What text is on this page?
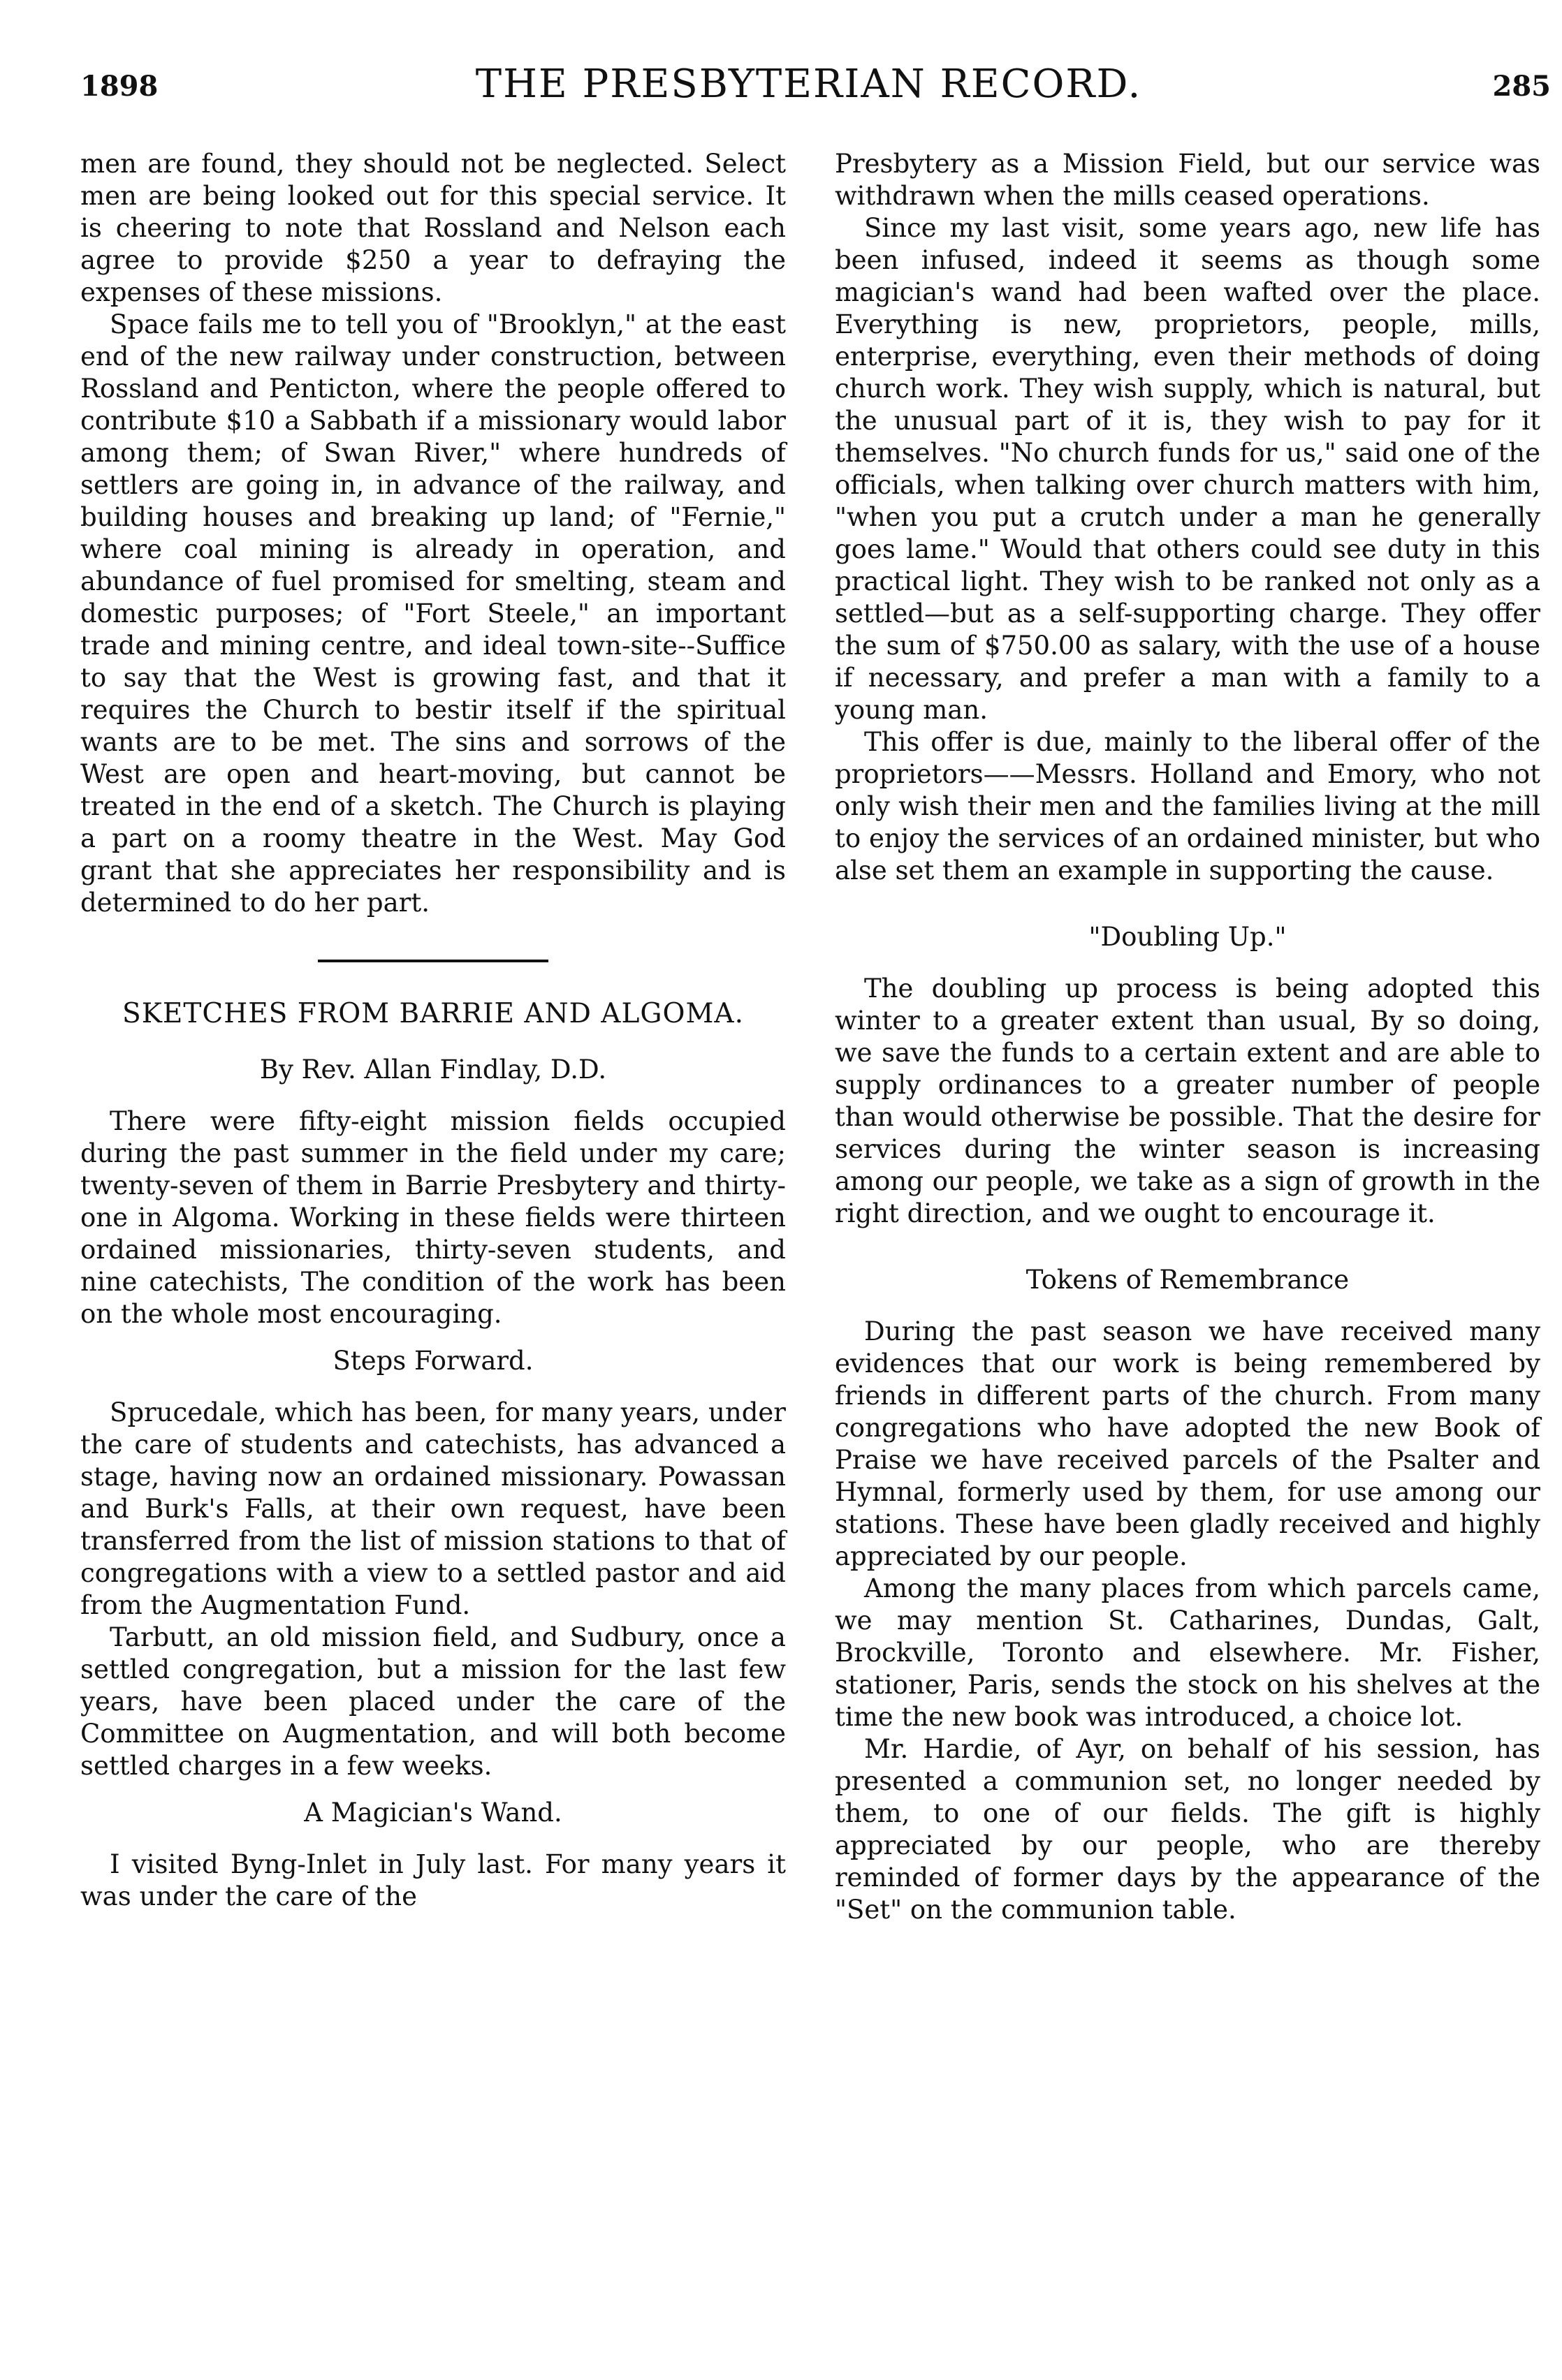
1898	THE PRESBYTERIAN RECORD.	285

men are found, they should not be neglected. Select men are being looked out for this special service. It is cheering to note that Rossland and Nelson each agree to provide $250 a year to defraying the expenses of these missions.

Space fails me to tell you of "Brooklyn," at the east end of the new railway under construction, between Rossland and Penticton, where the people offered to contribute $10 a Sabbath if a missionary would labor among them; of Swan River," where hundreds of settlers are going in, in advance of the railway, and building houses and breaking up land; of "Fernie," where coal mining is already in operation, and abundance of fuel promised for smelting, steam and domestic purposes; of "Fort Steele," an important trade and mining centre, and ideal town-site--Suffice to say that the West is growing fast, and that it requires the Church to bestir itself if the spiritual wants are to be met. The sins and sorrows of the West are open and heart-moving, but cannot be treated in the end of a sketch. The Church is playing a part on a roomy theatre in the West. May God grant that she appreciates her responsibility and is determined to do her part.

SKETCHES FROM BARRIE AND ALGOMA.
By Rev. Allan Findlay, D.D.

There were fifty-eight mission fields occupied during the past summer in the field under my care; twenty-seven of them in Barrie Presbytery and thirty-one in Algoma. Working in these fields were thirteen ordained missionaries, thirty-seven students, and nine catechists, The condition of the work has been on the whole most encouraging.

Steps Forward.

Sprucedale, which has been, for many years, under the care of students and catechists, has advanced a stage, having now an ordained missionary. Powassan and Burk's Falls, at their own request, have been transferred from the list of mission stations to that of congregations with a view to a settled pastor and aid from the Augmentation Fund.

Tarbutt, an old mission field, and Sudbury, once a settled congregation, but a mission for the last few years, have been placed under the care of the Committee on Augmentation, and will both become settled charges in a few weeks.

A Magician's Wand.

I visited Byng-Inlet in July last. For many years it was under the care of the

Presbytery as a Mission Field, but our service was withdrawn when the mills ceased operations.

Since my last visit, some years ago, new life has been infused, indeed it seems as though some magician's wand had been wafted over the place. Everything is new, proprietors, people, mills, enterprise, everything, even their methods of doing church work. They wish supply, which is natural, but the unusual part of it is, they wish to pay for it themselves. "No church funds for us," said one of the officials, when talking over church matters with him, "when you put a crutch under a man he generally goes lame." Would that others could see duty in this practical light. They wish to be ranked not only as a settled—but as a self-supporting charge. They offer the sum of $750.00 as salary, with the use of a house if necessary, and prefer a man with a family to a young man.

This offer is due, mainly to the liberal offer of the proprietors——Messrs. Holland and Emory, who not only wish their men and the families living at the mill to enjoy the services of an ordained minister, but who alse set them an example in supporting the cause.

"Doubling Up."

The doubling up process is being adopted this winter to a greater extent than usual, By so doing, we save the funds to a certain extent and are able to supply ordinances to a greater number of people than would otherwise be possible. That the desire for services during the winter season is increasing among our people, we take as a sign of growth in the right direction, and we ought to encourage it.

Tokens of Remembrance

During the past season we have received many evidences that our work is being remembered by friends in different parts of the church. From many congregations who have adopted the new Book of Praise we have received parcels of the Psalter and Hymnal, formerly used by them, for use among our stations. These have been gladly received and highly appreciated by our people.

Among the many places from which parcels came, we may mention St. Catharines, Dundas, Galt, Brockville, Toronto and elsewhere. Mr. Fisher, stationer, Paris, sends the stock on his shelves at the time the new book was introduced, a choice lot.

Mr. Hardie, of Ayr, on behalf of his session, has presented a communion set, no longer needed by them, to one of our fields. The gift is highly appreciated by our people, who are thereby reminded of former days by the appearance of the "Set" on the communion table.
